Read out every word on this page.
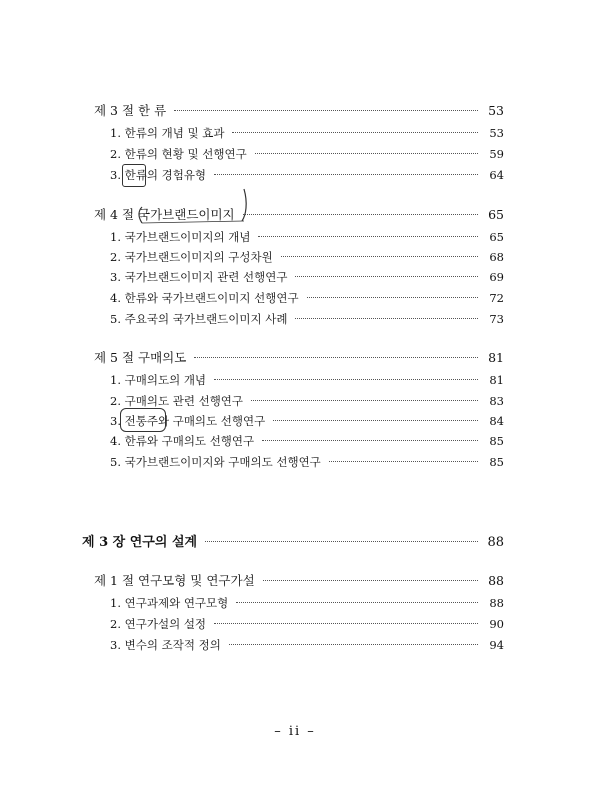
제 3 절 한 류	53
1. 한류의 개념 및 효과	53
2. 한류의 현황 및 선행연구	59
3. 한류의 경험유형	64
제 4 절 국가브랜드이미지	65
1. 국가브랜드이미지의 개념	65
2. 국가브랜드이미지의 구성차원	68
3. 국가브랜드이미지 관련 선행연구	69
4. 한류와 국가브랜드이미지 선행연구	72
5. 주요국의 국가브랜드이미지 사례	73
제 5 절 구매의도	81
1. 구매의도의 개념	81
2. 구매의도 관련 선행연구	83
3. 전통주와 구매의도 선행연구	84
4. 한류와 구매의도 선행연구	85
5. 국가브랜드이미지와 구매의도 선행연구	85
제 3 장 연구의 설계	88
제 1 절 연구모형 및 연구가설	88
1. 연구과제와 연구모형	88
2. 연구가설의 설정	90
3. 변수의 조작적 정의	94
– ii –
